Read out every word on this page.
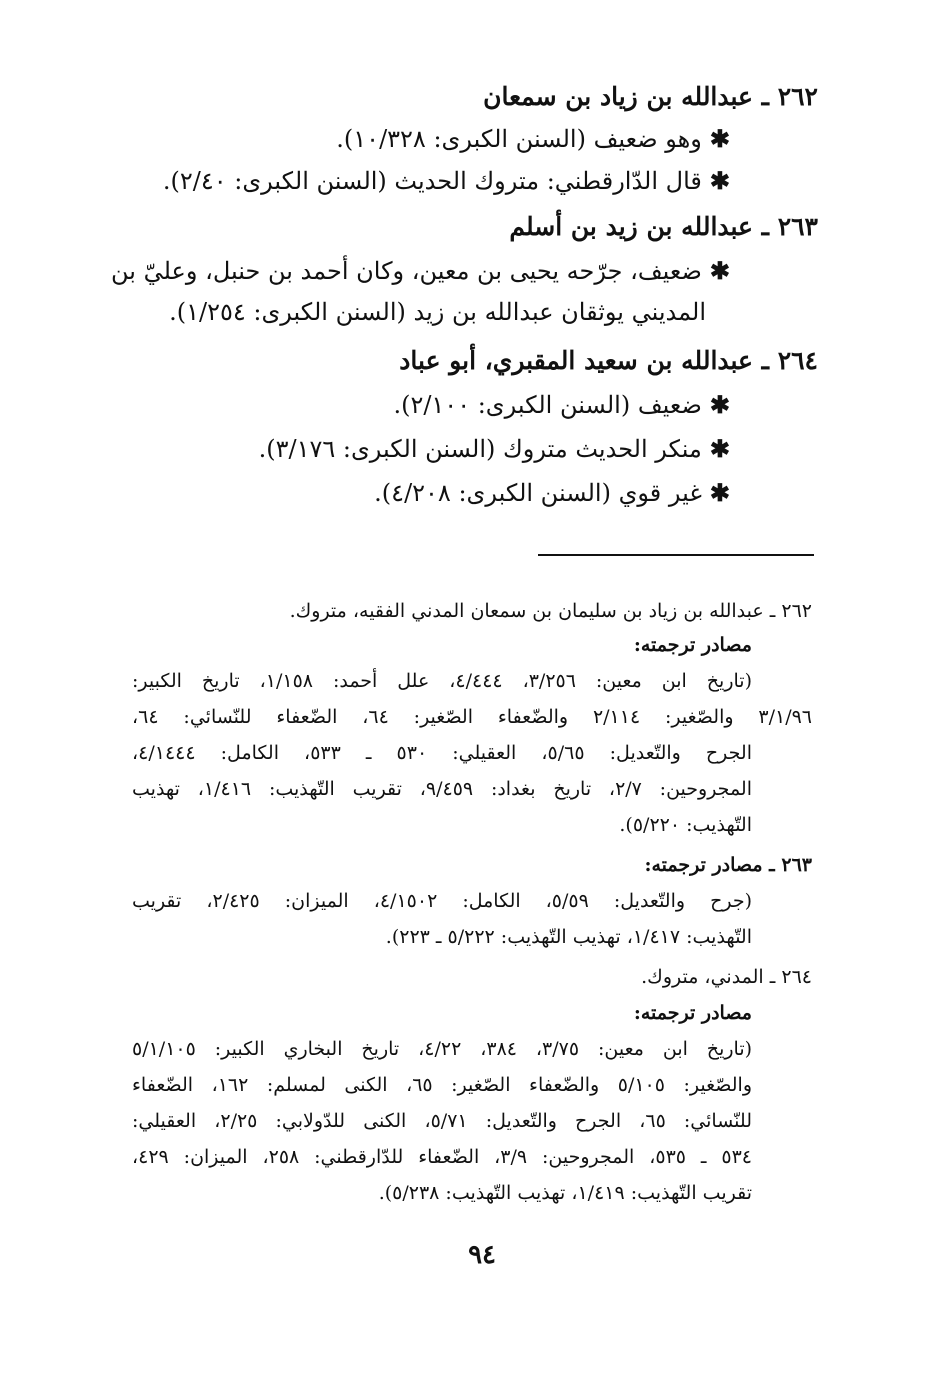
٢٦٢ ـ عبدالله بن زياد بن سمعان
✱وهو ضعيف (السنن الكبرى: ١٠/٣٢٨).
✱قال الدّارقطني: متروك الحديث (السنن الكبرى: ٢/٤٠).
٢٦٣ ـ عبدالله بن زيد بن أسلم
✱ضعيف، جرّحه يحيى بن معين، وكان أحمد بن حنبل، وعليّ بن
المديني يوثقان عبدالله بن زيد (السنن الكبرى: ١/٢٥٤).
٢٦٤ ـ عبدالله بن سعيد المقبري، أبو عباد
✱ضعيف (السنن الكبرى: ٢/١٠٠).
✱منكر الحديث متروك (السنن الكبرى: ٣/١٧٦).
✱غير قوي (السنن الكبرى: ٤/٢٠٨).
٢٦٢ ـ عبدالله بن زياد بن سليمان بن سمعان المدني الفقيه، متروك.
مصادر ترجمته:
(تاريخ ابن معين: ٣/٢٥٦، ٤/٤٤٤، علل أحمد: ١/١٥٨، تاريخ الكبير:
٣/١/٩٦ والصّغير: ٢/١١٤ والضّعفاء الصّغير: ٦٤، الضّعفاء للنّسائي: ٦٤،
الجرح والتّعديل: ٥/٦٥، العقيلي: ٥٣٠ ـ ٥٣٣، الكامل: ٤/١٤٤٤،
المجروحين: ٢/٧، تاريخ بغداد: ٩/٤٥٩، تقريب التّهذيب: ١/٤١٦، تهذيب
التّهذيب: ٥/٢٢٠).
٢٦٣ ـ مصادر ترجمته:
(جرح والتّعديل: ٥/٥٩، الكامل: ٤/١٥٠٢، الميزان: ٢/٤٢٥، تقريب
التّهذيب: ١/٤١٧، تهذيب التّهذيب: ٥/٢٢٢ ـ ٢٢٣).
٢٦٤ ـ المدني، متروك.
مصادر ترجمته:
(تاريخ ابن معين: ٣/٧٥، ٣٨٤، ٤/٢٢، تاريخ البخاري الكبير: ٥/١/١٠٥
والصّغير: ٥/١٠٥ والضّعفاء الصّغير: ٦٥، الكنى لمسلم: ١٦٢، الضّعفاء
للنّسائي: ٦٥، الجرح والتّعديل: ٥/٧١، الكنى للدّولابي: ٢/٢٥، العقيلي:
٥٣٤ ـ ٥٣٥، المجروحين: ٣/٩، الضّعفاء للدّارقطني: ٢٥٨، الميزان: ٤٢٩،
تقريب التّهذيب: ١/٤١٩، تهذيب التّهذيب: ٥/٢٣٨).
٩٤
